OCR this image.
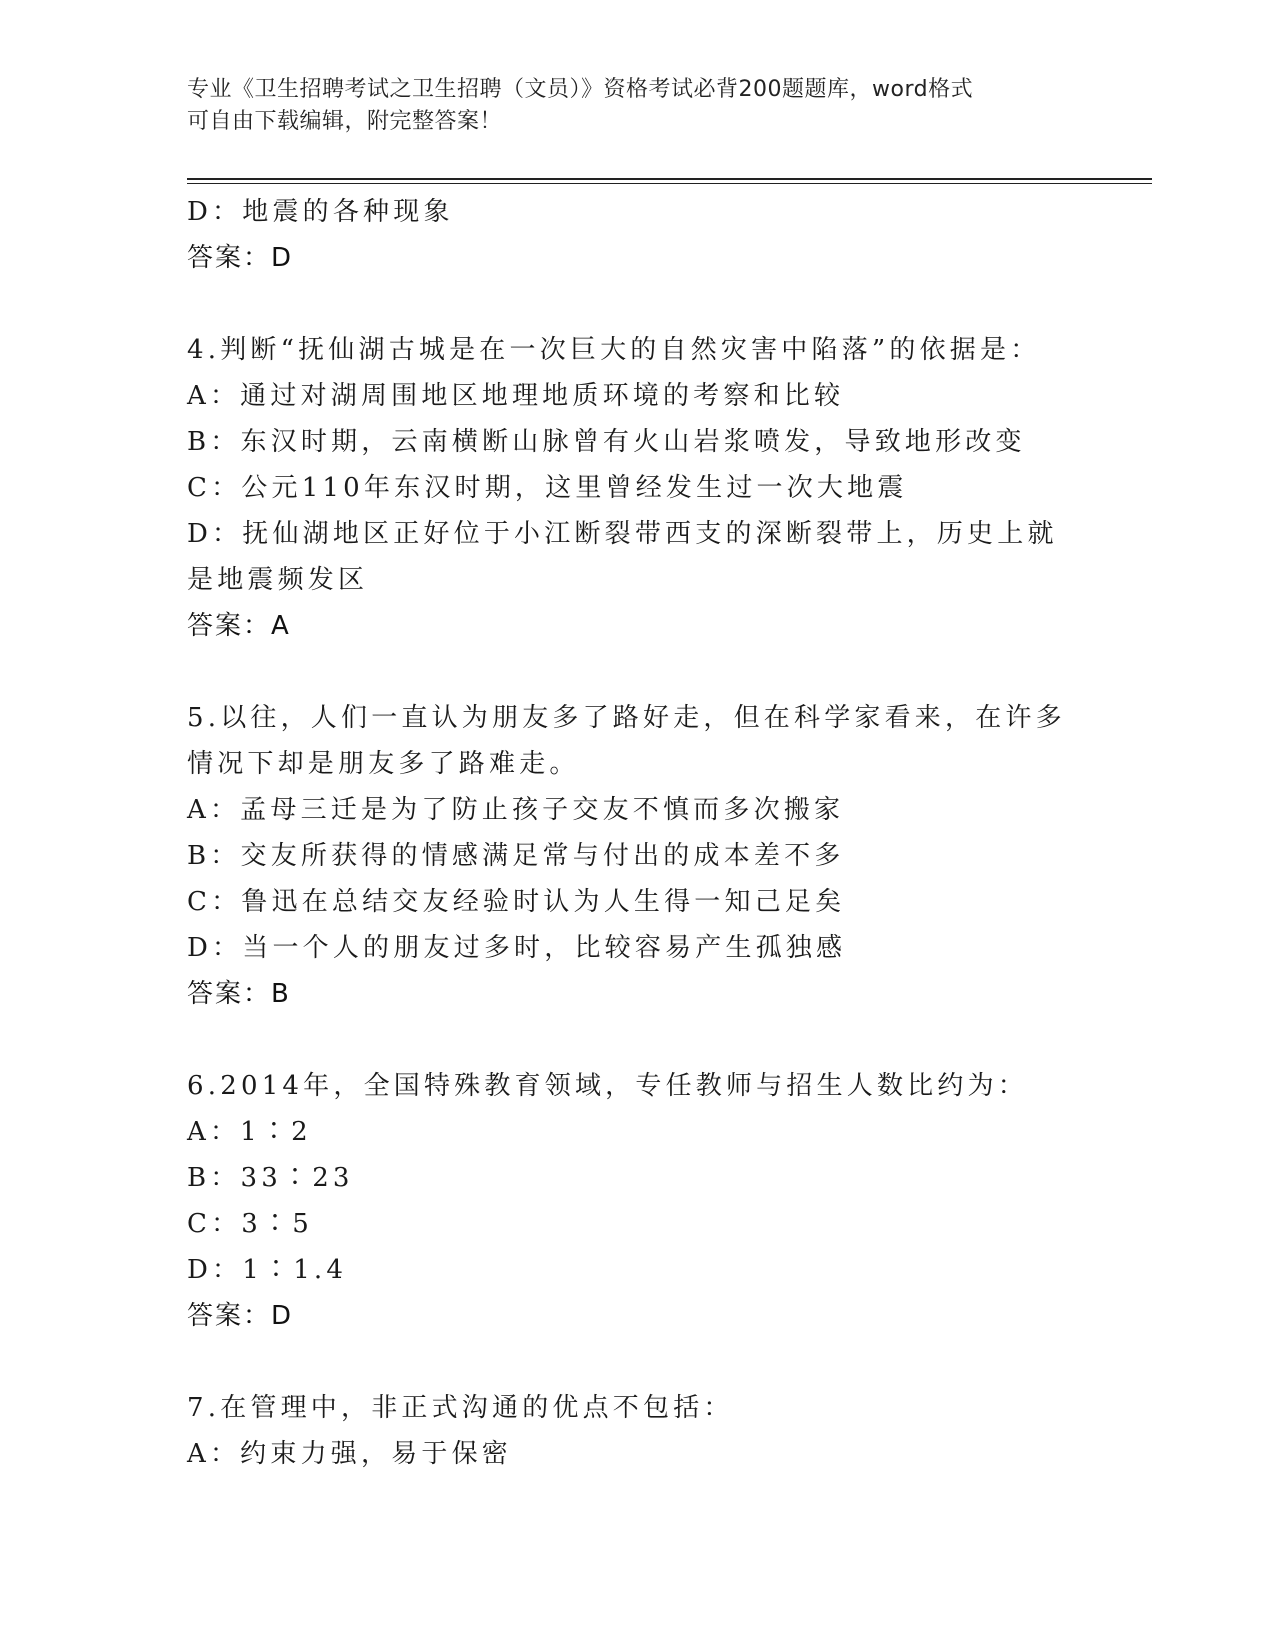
专业《卫生招聘考试之卫生招聘（文员）》资格考试必背200题题库，word格式
可自由下载编辑，附完整答案！
D：地震的各种现象
答案：D
4.判断“抚仙湖古城是在一次巨大的自然灾害中陷落”的依据是：
A：通过对湖周围地区地理地质环境的考察和比较
B：东汉时期，云南横断山脉曾有火山岩浆喷发，导致地形改变
C：公元110年东汉时期，这里曾经发生过一次大地震
D：抚仙湖地区正好位于小江断裂带西支的深断裂带上，历史上就是地震频发区
答案：A
5.以往，人们一直认为朋友多了路好走，但在科学家看来，在许多情况下却是朋友多了路难走。
A：孟母三迁是为了防止孩子交友不慎而多次搬家
B：交友所获得的情感满足常与付出的成本差不多
C：鲁迅在总结交友经验时认为人生得一知己足矣
D：当一个人的朋友过多时，比较容易产生孤独感
答案：B
6.2014年，全国特殊教育领域，专任教师与招生人数比约为：
A：1∶2
B：33∶23
C：3∶5
D：1∶1.4
答案：D
7.在管理中，非正式沟通的优点不包括：
A：约束力强，易于保密
